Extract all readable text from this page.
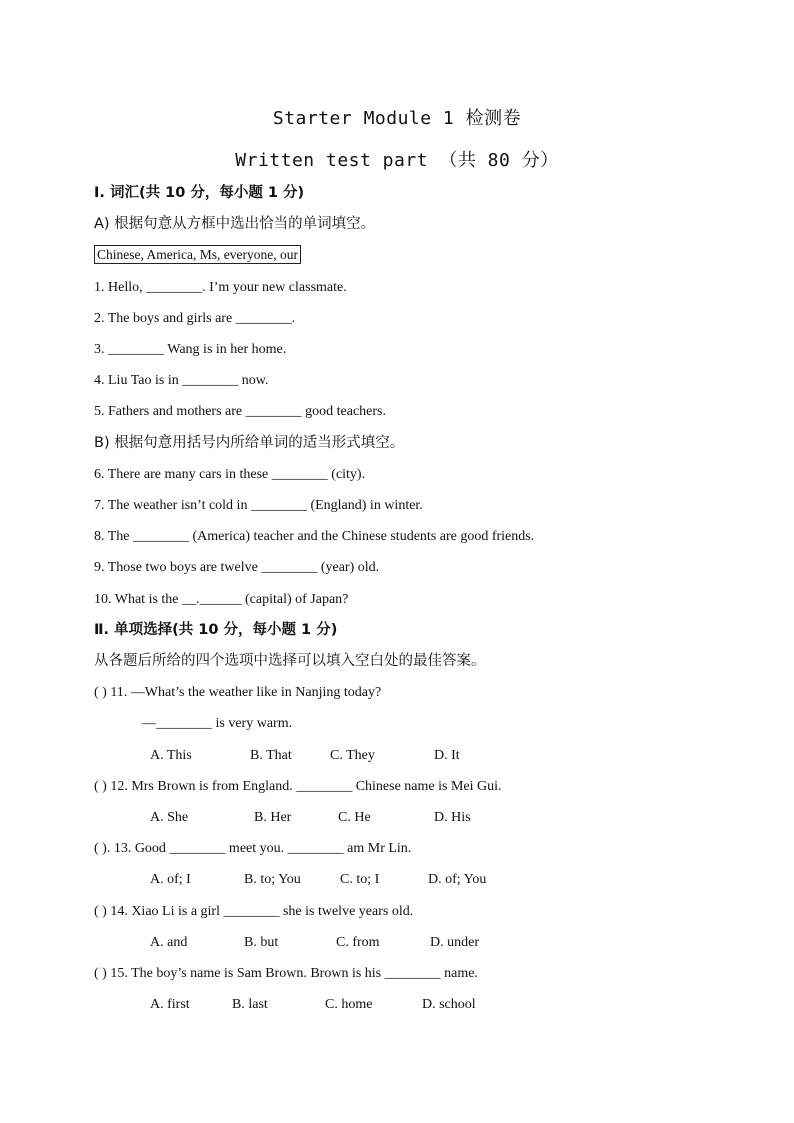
Starter Module 1 检测卷
Written test part （共 80 分）
Ⅰ. 词汇(共 10 分，每小题 1 分)
A) 根据句意从方框中选出恰当的单词填空。
Chinese, America, Ms, everyone, our
1. Hello, ________. I’m your new classmate.
2. The boys and girls are ________.
3. ________ Wang is in her home.
4. Liu Tao is in ________ now.
5. Fathers and mothers are ________ good teachers.
B) 根据句意用括号内所给单词的适当形式填空。
6. There are many cars in these ________ (city).
7. The weather isn’t cold in ________ (England) in winter.
8. The ________ (America) teacher and the Chinese students are good friends.
9. Those two boys are twelve ________ (year) old.
10. What is the __.______ (capital) of Japan?
Ⅱ. 单项选择(共 10 分，每小题 1 分)
从各题后所给的四个选项中选择可以填入空白处的最佳答案。
( ) 11. —What’s the weather like in Nanjing today?
—________ is very warm.
A. This	B. That	C. They	D. It
( ) 12. Mrs Brown is from England. ________ Chinese name is Mei Gui.
A. She	B. Her	C. He	D. His
( ). 13. Good ________ meet you. ________ am Mr Lin.
A. of; I	B. to; You	C. to; I	D. of; You
( ) 14. Xiao Li is a girl ________ she is twelve years old.
A. and	B. but	C. from	D. under
( ) 15. The boy’s name is Sam Brown. Brown is his ________ name.
A. first	B. last	C. home	D. school
